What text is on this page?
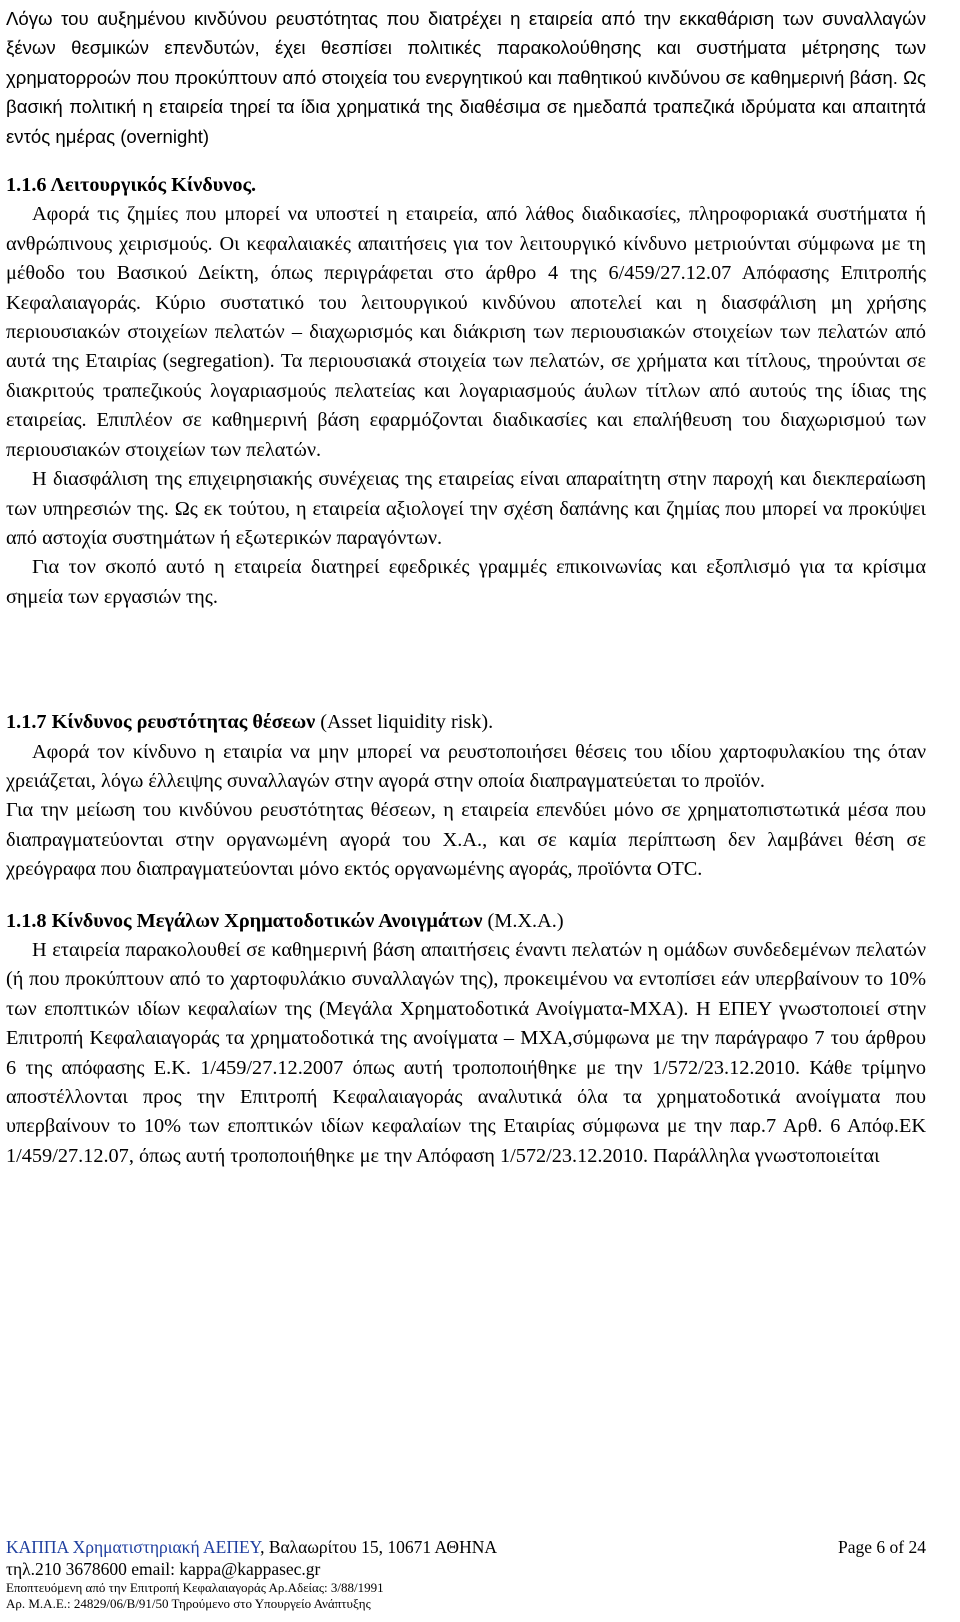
Λόγω του αυξημένου κινδύνου ρευστότητας που διατρέχει η εταιρεία από την εκκαθάριση των συναλλαγών ξένων θεσμικών επενδυτών, έχει θεσπίσει πολιτικές παρακολούθησης και συστήματα μέτρησης των χρηματορροών που προκύπτουν από στοιχεία του ενεργητικού και παθητικού κινδύνου σε καθημερινή βάση. Ως βασική πολιτική η εταιρεία τηρεί τα ίδια χρηματικά της διαθέσιμα σε ημεδαπά τραπεζικά ιδρύματα και απαιτητά εντός ημέρας (overnight)

1.1.6 Λειτουργικός Κίνδυνος.

Αφορά τις ζημίες που μπορεί να υποστεί η εταιρεία, από λάθος διαδικασίες, πληροφοριακά συστήματα ή ανθρώπινους χειρισμούς. Οι κεφαλαιακές απαιτήσεις για τον λειτουργικό κίνδυνο μετριούνται σύμφωνα με τη μέθοδο του Βασικού Δείκτη, όπως περιγράφεται στο άρθρο 4 της 6/459/27.12.07 Απόφασης Επιτροπής Κεφαλαιαγοράς. Κύριο συστατικό του λειτουργικού κινδύνου αποτελεί και η διασφάλιση μη χρήσης περιουσιακών στοιχείων πελατών – διαχωρισμός και διάκριση των περιουσιακών στοιχείων των πελατών από αυτά της Εταιρίας (segregation). Τα περιουσιακά στοιχεία των πελατών, σε χρήματα και τίτλους, τηρούνται σε διακριτούς τραπεζικούς λογαριασμούς πελατείας και λογαριασμούς άυλων τίτλων από αυτούς της ίδιας της εταιρείας. Επιπλέον σε καθημερινή βάση εφαρμόζονται διαδικασίες και επαλήθευση του διαχωρισμού των περιουσιακών στοιχείων των πελατών.

Η διασφάλιση της επιχειρησιακής συνέχειας της εταιρείας είναι απαραίτητη στην παροχή και διεκπεραίωση των υπηρεσιών της. Ως εκ τούτου, η εταιρεία αξιολογεί την σχέση δαπάνης και ζημίας που μπορεί να προκύψει από αστοχία συστημάτων ή εξωτερικών παραγόντων.

Για τον σκοπό αυτό η εταιρεία διατηρεί εφεδρικές γραμμές επικοινωνίας και εξοπλισμό για τα κρίσιμα σημεία των εργασιών της.

1.1.7 Κίνδυνος ρευστότητας θέσεων (Asset liquidity risk).

Αφορά τον κίνδυνο η εταιρία να μην μπορεί να ρευστοποιήσει θέσεις του ιδίου χαρτοφυλακίου της όταν χρειάζεται, λόγω έλλειψης συναλλαγών στην αγορά στην οποία διαπραγματεύεται το προϊόν.

Για την μείωση του κινδύνου ρευστότητας θέσεων, η εταιρεία επενδύει μόνο σε χρηματοπιστωτικά μέσα που διαπραγματεύονται στην οργανωμένη αγορά του Χ.Α., και σε καμία περίπτωση δεν λαμβάνει θέση σε χρεόγραφα που διαπραγματεύονται μόνο εκτός οργανωμένης αγοράς, προϊόντα OTC.

1.1.8 Κίνδυνος Μεγάλων Χρηματοδοτικών Ανοιγμάτων (Μ.Χ.Α.)

Η εταιρεία παρακολουθεί σε καθημερινή βάση απαιτήσεις έναντι πελατών η ομάδων συνδεδεμένων πελατών (ή που προκύπτουν από το χαρτοφυλάκιο συναλλαγών της), προκειμένου να εντοπίσει εάν υπερβαίνουν το 10% των εποπτικών ιδίων κεφαλαίων της (Μεγάλα Χρηματοδοτικά Ανοίγματα-ΜΧΑ). Η ΕΠΕΥ γνωστοποιεί στην Επιτροπή Κεφαλαιαγοράς τα χρηματοδοτικά της ανοίγματα – ΜΧΑ,σύμφωνα με την παράγραφο 7 του άρθρου 6 της απόφασης Ε.Κ. 1/459/27.12.2007 όπως αυτή τροποποιήθηκε με την 1/572/23.12.2010. Κάθε τρίμηνο αποστέλλονται προς την Επιτροπή Κεφαλαιαγοράς αναλυτικά όλα τα χρηματοδοτικά ανοίγματα που υπερβαίνουν το 10% των εποπτικών ιδίων κεφαλαίων της Εταιρίας σύμφωνα με την παρ.7 Αρθ. 6 Απόφ.ΕΚ 1/459/27.12.07, όπως αυτή τροποποιήθηκε με την Απόφαση 1/572/23.12.2010. Παράλληλα γνωστοποιείται

ΚΑΠΠΑ Χρηματιστηριακή ΑΕΠΕΥ, Βαλαωρίτου 15, 10671 ΑΘΗΝΑ	Page 6 of 24
τηλ.210 3678600 email: kappa@kappasec.gr
Εποπτευόμενη από την Επιτροπή Κεφαλαιαγοράς Αρ.Αδείας: 3/88/1991
Αρ. Μ.Α.Ε.: 24829/06/Β/91/50 Τηρούμενο στο Υπουργείο Ανάπτυξης
